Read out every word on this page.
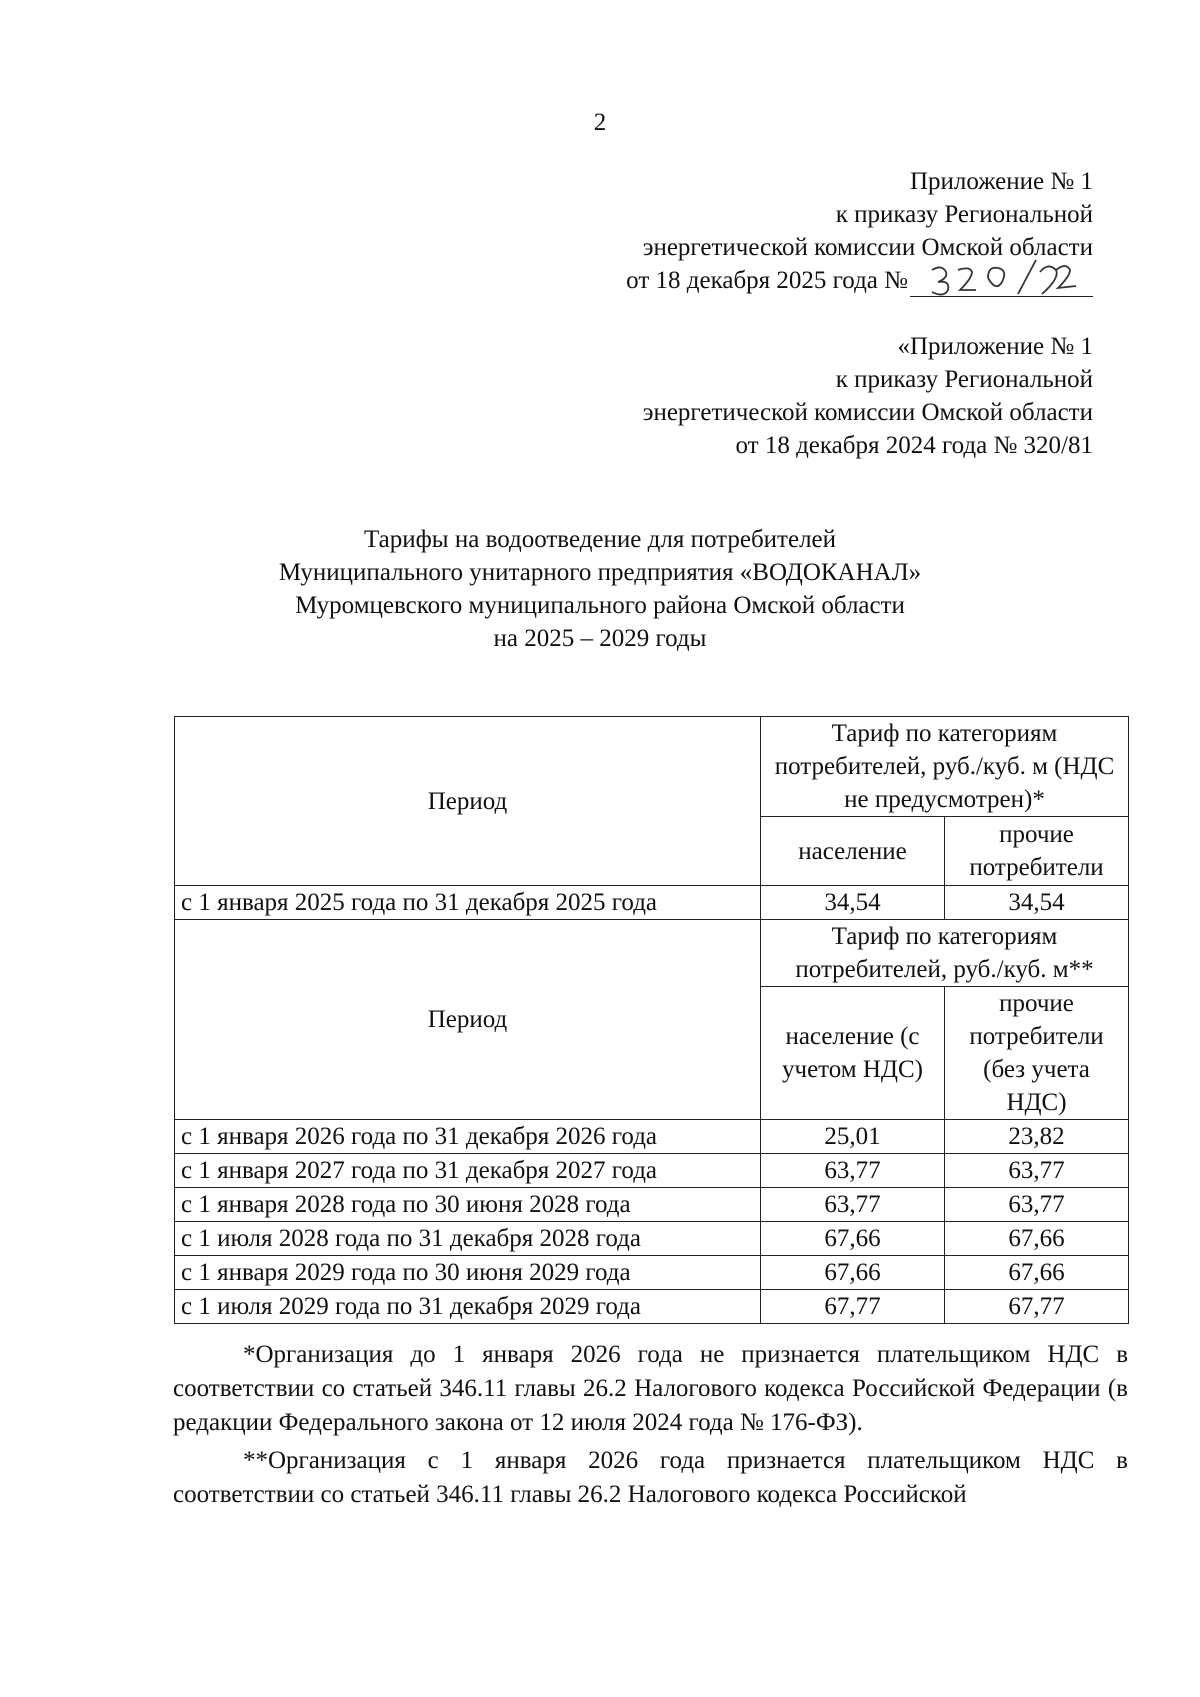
2
Приложение № 1
к приказу Региональной
энергетической комиссии Омской области
от 18 декабря 2025 года №
«Приложение № 1
к приказу Региональной
энергетической комиссии Омской области
от 18 декабря 2024 года № 320/81
Тарифы на водоотведение для потребителей
Муниципального унитарного предприятия «ВОДОКАНАЛ»
Муромцевского муниципального района Омской области
на 2025 – 2029 годы
Период	Тариф по категориям потребителей, руб./куб. м (НДС не предусмотрен)*	
	население	прочие потребители
с 1 января 2025 года по 31 декабря 2025 года	34,54	34,54
Период	Тариф по категориям потребителей, руб./куб. м**	
	население (с учетом НДС)	прочие потребители (без учета НДС)
с 1 января 2026 года по 31 декабря 2026 года	25,01	23,82
с 1 января 2027 года по 31 декабря 2027 года	63,77	63,77
с 1 января 2028 года по 30 июня 2028 года	63,77	63,77
с 1 июля 2028 года по 31 декабря 2028 года	67,66	67,66
с 1 января 2029 года по 30 июня 2029 года	67,66	67,66
с 1 июля 2029 года по 31 декабря 2029 года	67,77	67,77

*Организация до 1 января 2026 года не признается плательщиком НДС в соответствии со статьей 346.11 главы 26.2 Налогового кодекса Российской Федерации (в редакции Федерального закона от 12 июля 2024 года № 176-ФЗ).

**Организация с 1 января 2026 года признается плательщиком НДС в соответствии со статьей 346.11 главы 26.2 Налогового кодекса Российской
